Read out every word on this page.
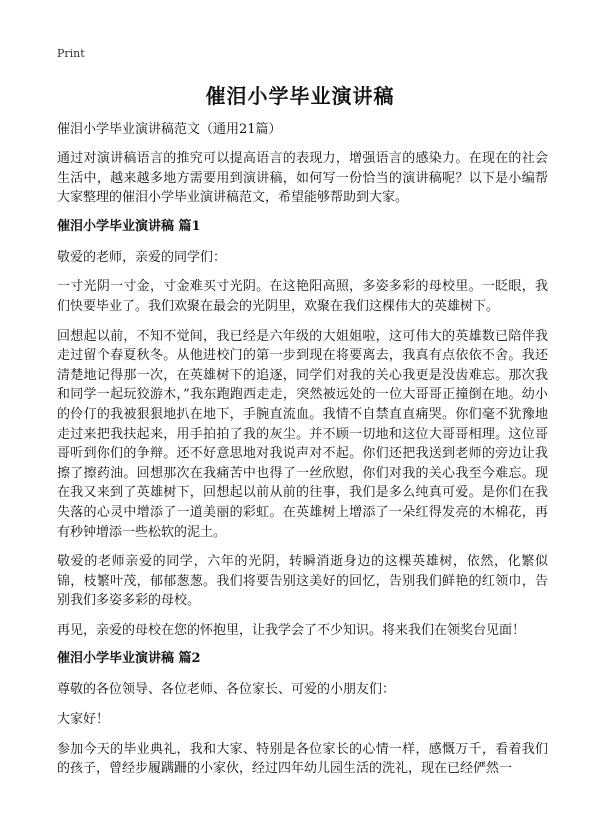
Print
催泪小学毕业演讲稿
催泪小学毕业演讲稿范文（通用21篇）

通过对演讲稿语言的推究可以提高语言的表现力，增强语言的感染力。在现在的社会生活中，越来越多地方需要用到演讲稿，如何写一份恰当的演讲稿呢？以下是小编帮大家整理的催泪小学毕业演讲稿范文，希望能够帮助到大家。

催泪小学毕业演讲稿 篇1

敬爱的老师，亲爱的同学们：

一寸光阴一寸金，寸金难买寸光阴。在这艳阳高照，多姿多彩的母校里。一眨眼，我们快要毕业了。我们欢聚在最会的光阴里，欢聚在我们这棵伟大的英雄树下。

回想起以前，不知不觉间，我已经是六年级的大姐姐啦，这可伟大的英雄数已陪伴我走过留个春夏秋冬。从他进校门的第一步到现在将要离去，我真有点依依不舍。我还清楚地记得那一次，在英雄树下的追逐，同学们对我的关心我更是没齿难忘。那次我和同学一起玩狡游木，”我东跑跑西走走，突然被远处的一位大哥哥正撞倒在地。幼小的伶仃的我被狠狠地扒在地下，手腕直流血。我情不自禁直直痛哭。你们毫不犹豫地走过来把我扶起来，用手拍拍了我的灰尘。并不顾一切地和这位大哥哥相理。这位哥哥听到你们的争辩。还不好意思地对我说声对不起。你们还把我送到老师的旁边让我擦了擦药油。回想那次在我痛苦中也得了一丝欣慰，你们对我的关心我至今难忘。现在我又来到了英雄树下，回想起以前从前的往事，我们是多么纯真可爱。是你们在我失落的心灵中增添了一道美丽的彩虹。在英雄树上增添了一朵红得发亮的木棉花，再有秒钟增添一些松软的泥土。

敬爱的老师亲爱的同学，六年的光阴，转瞬消逝身边的这棵英雄树，依然，化繁似锦，枝繁叶茂，郁郁葱葱。我们将要告别这美好的回忆，告别我们鲜艳的红领巾，告别我们多姿多彩的母校。

再见，亲爱的母校在您的怀抱里，让我学会了不少知识。将来我们在领奖台见面！

催泪小学毕业演讲稿 篇2

尊敬的各位领导、各位老师、各位家长、可爱的小朋友们：

大家好！

参加今天的毕业典礼，我和大家、特别是各位家长的心情一样，感慨万千，看着我们的孩子，曾经步履蹒跚的小家伙，经过四年幼儿园生活的洗礼，现在已经俨然一
